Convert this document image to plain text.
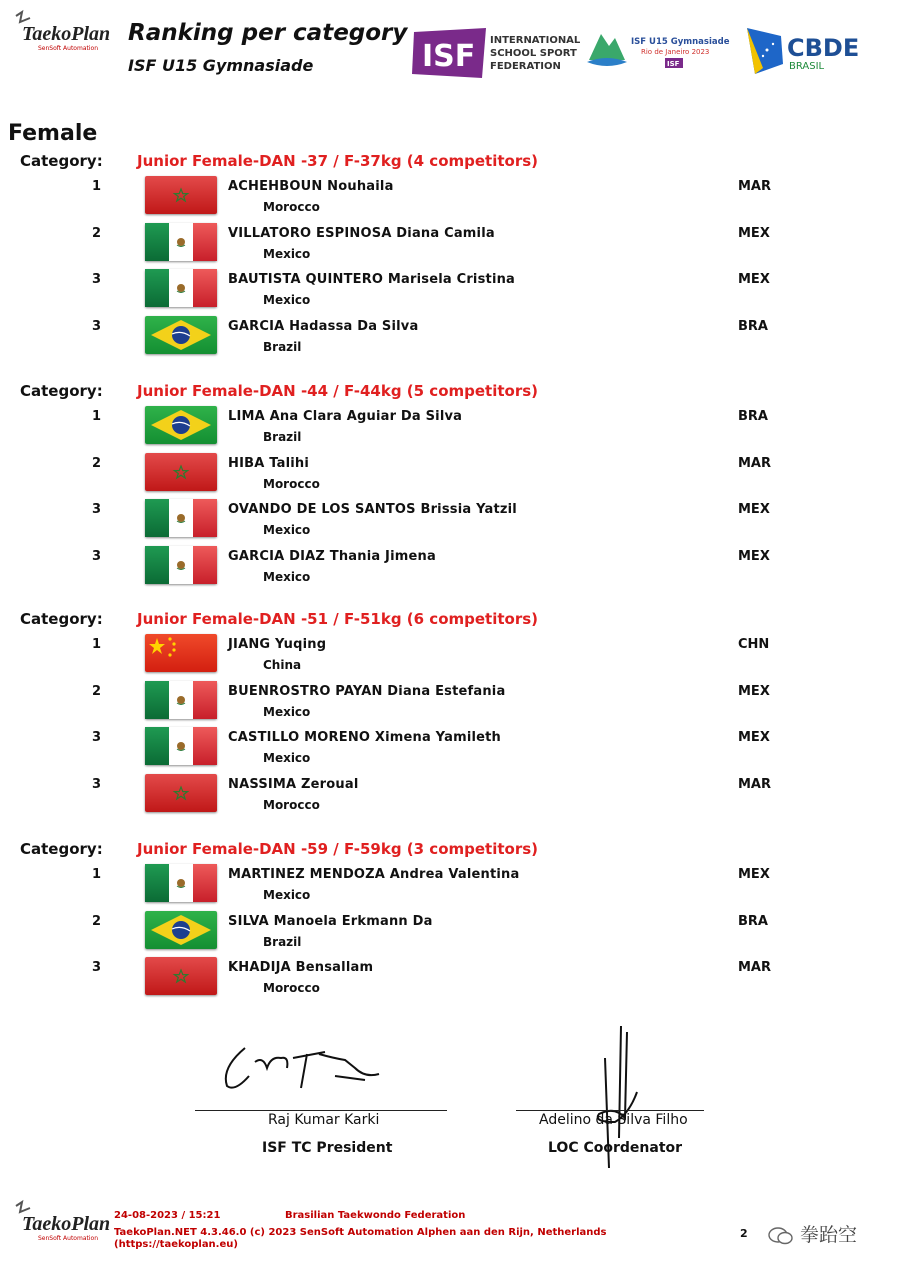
TaekoPlan
SenSoft Automation
Ranking per category
ISF U15 Gymnasiade	ISF INTERNATIONAL
SCHOOL SPORT
FEDERATION
ISF U15 Gymnasiade
Rio de Janeiro 2023
ISF
CBDE
BRASIL
Female
Category: Junior Female-DAN -37 / F-37kg (4 competitors)
1	ACHEHBOUN Nouhaila
Morocco
MAR
2	VILLATORO ESPINOSA Diana Camila
Mexico
MEX
3	BAUTISTA QUINTERO Marisela Cristina
Mexico
MEX
3	GARCIA Hadassa Da Silva
Brazil
BRA
Category: Junior Female-DAN -44 / F-44kg (5 competitors)
1	LIMA Ana Clara Aguiar Da Silva
Brazil
BRA
2	HIBA Talihi
Morocco
MAR
3	OVANDO DE LOS SANTOS Brissia Yatzil
Mexico
MEX
3	GARCIA DIAZ Thania Jimena
Mexico
MEX
Category: Junior Female-DAN -51 / F-51kg (6 competitors)
1	JIANG Yuqing
China
CHN
2	BUENROSTRO PAYAN Diana Estefania
Mexico
MEX
3	CASTILLO MORENO Ximena Yamileth
Mexico
MEX
3	NASSIMA Zeroual
Morocco
MAR
Category: Junior Female-DAN -59 / F-59kg (3 competitors)
1	MARTINEZ MENDOZA Andrea Valentina
Mexico
MEX
2	SILVA Manoela Erkmann Da
Brazil
BRA
3	KHADIJA Bensallam
Morocco
MAR
Raj Kumar Karki
ISF TC President
Adelino da Silva Filho
LOC Coordenator
TaekoPlan
SenSoft Automation
24-08-2023 / 15:21	Brasilian Taekwondo Federation
TaekoPlan.NET 4.3.46.0 (c) 2023 SenSoft Automation Alphen aan den Rijn, Netherlands
(https://taekoplan.eu)
2	拳跆空
